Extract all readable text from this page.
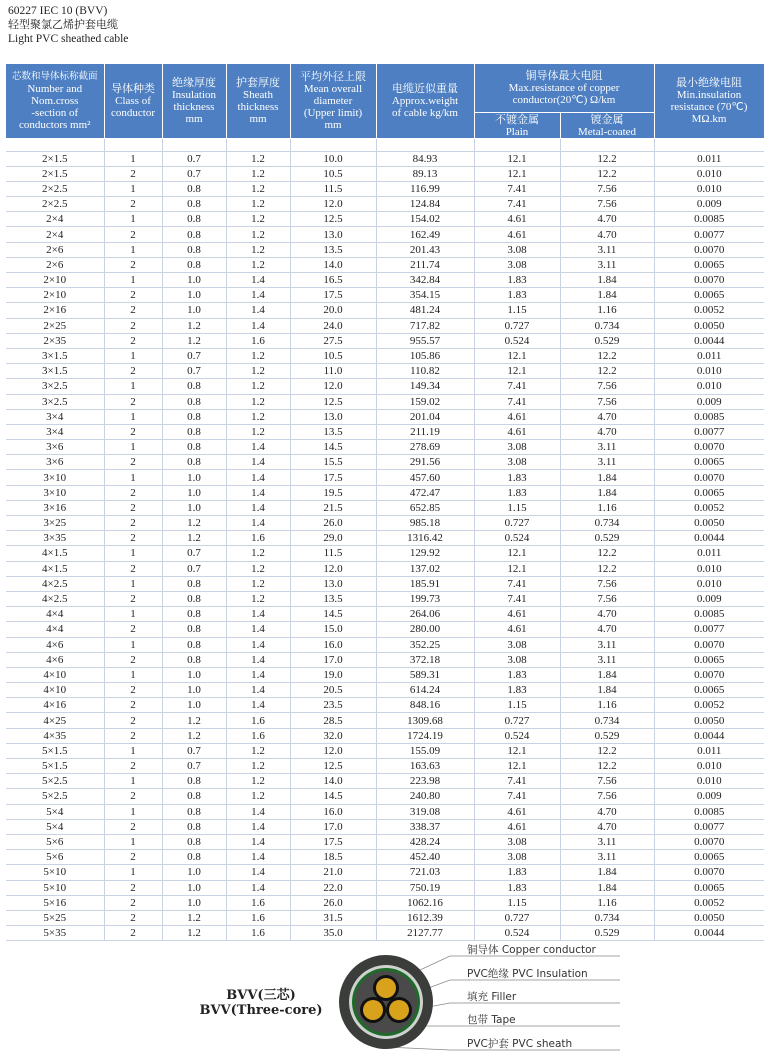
60227 IEC 10 (BVV)
轻型聚氯乙烯护套电缆
Light PVC sheathed cable
芯数和导体标称截面
Number and
Nom.cross
-section of
conductors mm²	导体种类
Class of
conductor	绝缘厚度
Insulation
thickness
mm	护套厚度
Sheath
thickness
mm	平均外径上限
Mean overall
diameter
(Upper limit)
mm	电缆近似重量
Approx.weight
of cable kg/km	铜导体最大电阻
Max.resistance of copper
conductor(20℃) Ω/km		最小绝缘电阻
Min.insulation
resistance (70℃)
MΩ.km

						不镀金属
Plain	镀金属
Metal-coated	

2×1.5	1	0.7	1.2	10.0	84.93	12.1	12.2	0.011
2×1.5	2	0.7	1.2	10.5	89.13	12.1	12.2	0.010
2×2.5	1	0.8	1.2	11.5	116.99	7.41	7.56	0.010
2×2.5	2	0.8	1.2	12.0	124.84	7.41	7.56	0.009
2×4	1	0.8	1.2	12.5	154.02	4.61	4.70	0.0085
2×4	2	0.8	1.2	13.0	162.49	4.61	4.70	0.0077
2×6	1	0.8	1.2	13.5	201.43	3.08	3.11	0.0070
2×6	2	0.8	1.2	14.0	211.74	3.08	3.11	0.0065
2×10	1	1.0	1.4	16.5	342.84	1.83	1.84	0.0070
2×10	2	1.0	1.4	17.5	354.15	1.83	1.84	0.0065
2×16	2	1.0	1.4	20.0	481.24	1.15	1.16	0.0052
2×25	2	1.2	1.4	24.0	717.82	0.727	0.734	0.0050
2×35	2	1.2	1.6	27.5	955.57	0.524	0.529	0.0044
3×1.5	1	0.7	1.2	10.5	105.86	12.1	12.2	0.011
3×1.5	2	0.7	1.2	11.0	110.82	12.1	12.2	0.010
3×2.5	1	0.8	1.2	12.0	149.34	7.41	7.56	0.010
3×2.5	2	0.8	1.2	12.5	159.02	7.41	7.56	0.009
3×4	1	0.8	1.2	13.0	201.04	4.61	4.70	0.0085
3×4	2	0.8	1.2	13.5	211.19	4.61	4.70	0.0077
3×6	1	0.8	1.4	14.5	278.69	3.08	3.11	0.0070
3×6	2	0.8	1.4	15.5	291.56	3.08	3.11	0.0065
3×10	1	1.0	1.4	17.5	457.60	1.83	1.84	0.0070
3×10	2	1.0	1.4	19.5	472.47	1.83	1.84	0.0065
3×16	2	1.0	1.4	21.5	652.85	1.15	1.16	0.0052
3×25	2	1.2	1.4	26.0	985.18	0.727	0.734	0.0050
3×35	2	1.2	1.6	29.0	1316.42	0.524	0.529	0.0044
4×1.5	1	0.7	1.2	11.5	129.92	12.1	12.2	0.011
4×1.5	2	0.7	1.2	12.0	137.02	12.1	12.2	0.010
4×2.5	1	0.8	1.2	13.0	185.91	7.41	7.56	0.010
4×2.5	2	0.8	1.2	13.5	199.73	7.41	7.56	0.009
4×4	1	0.8	1.4	14.5	264.06	4.61	4.70	0.0085
4×4	2	0.8	1.4	15.0	280.00	4.61	4.70	0.0077
4×6	1	0.8	1.4	16.0	352.25	3.08	3.11	0.0070
4×6	2	0.8	1.4	17.0	372.18	3.08	3.11	0.0065
4×10	1	1.0	1.4	19.0	589.31	1.83	1.84	0.0070
4×10	2	1.0	1.4	20.5	614.24	1.83	1.84	0.0065
4×16	2	1.0	1.4	23.5	848.16	1.15	1.16	0.0052
4×25	2	1.2	1.6	28.5	1309.68	0.727	0.734	0.0050
4×35	2	1.2	1.6	32.0	1724.19	0.524	0.529	0.0044
5×1.5	1	0.7	1.2	12.0	155.09	12.1	12.2	0.011
5×1.5	2	0.7	1.2	12.5	163.63	12.1	12.2	0.010
5×2.5	1	0.8	1.2	14.0	223.98	7.41	7.56	0.010
5×2.5	2	0.8	1.2	14.5	240.80	7.41	7.56	0.009
5×4	1	0.8	1.4	16.0	319.08	4.61	4.70	0.0085
5×4	2	0.8	1.4	17.0	338.37	4.61	4.70	0.0077
5×6	1	0.8	1.4	17.5	428.24	3.08	3.11	0.0070
5×6	2	0.8	1.4	18.5	452.40	3.08	3.11	0.0065
5×10	1	1.0	1.4	21.0	721.03	1.83	1.84	0.0070
5×10	2	1.0	1.4	22.0	750.19	1.83	1.84	0.0065
5×16	2	1.0	1.6	26.0	1062.16	1.15	1.16	0.0052
5×25	2	1.2	1.6	31.5	1612.39	0.727	0.734	0.0050
5×35	2	1.2	1.6	35.0	2127.77	0.524	0.529	0.0044
BVV(三芯)
BVV(Three-core)
铜导体 Copper conductor
PVC绝缘 PVC Insulation
填充 Filler
包带 Tape
PVC护套 PVC sheath
